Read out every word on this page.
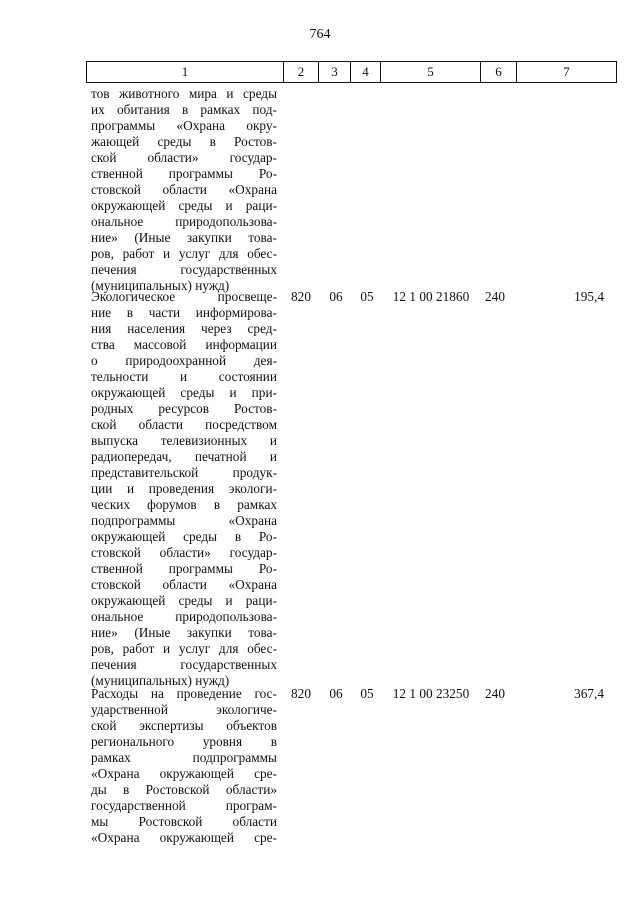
764
1	2	3	4	5	6	7
тов животного мира и среды
их обитания в рамках под-
программы «Охрана окру-
жающей среды в Ростов-
ской области» государ-
ственной программы Ро-
стовской области «Охрана
окружающей среды и раци-
ональное природопользова-
ние» (Иные закупки това-
ров, работ и услуг для обес-
печения государственных
(муниципальных) нужд)
820	06	05	12 1 00 21860	240	195,4
Экологическое просвеще-
ние в части информирова-
ния населения через сред-
ства массовой информации
о природоохранной дея-
тельности и состоянии
окружающей среды и при-
родных ресурсов Ростов-
ской области посредством
выпуска телевизионных и
радиопередач, печатной и
представительской продук-
ции и проведения экологи-
ческих форумов в рамках
подпрограммы «Охрана
окружающей среды в Ро-
стовской области» государ-
ственной программы Ро-
стовской области «Охрана
окружающей среды и раци-
ональное природопользова-
ние» (Иные закупки това-
ров, работ и услуг для обес-
печения государственных
(муниципальных) нужд)
820	06	05	12 1 00 23250	240	367,4
Расходы на проведение гос-
ударственной экологиче-
ской экспертизы объектов
регионального уровня в
рамках подпрограммы
«Охрана окружающей сре-
ды в Ростовской области»
государственной програм-
мы Ростовской области
«Охрана окружающей сре-
